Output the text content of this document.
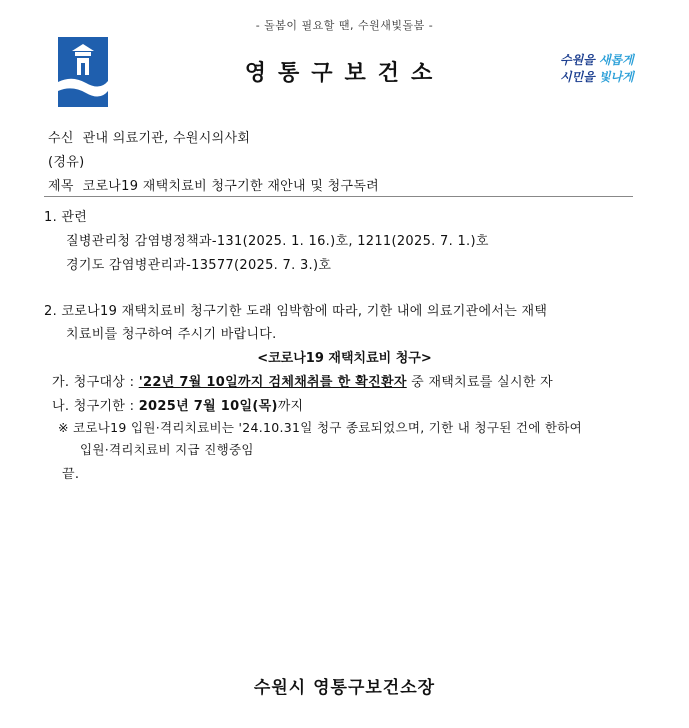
- 돌봄이 필요할 땐, 수원새빛돌봄 -
영통구보건소
수원을 새롭게
시민을 빛나게
수신  관내 의료기관, 수원시의사회
(경유)
제목  코로나19 재택치료비 청구기한 재안내 및 청구독려
1. 관련
질병관리청 감염병정책과-131(2025. 1. 16.)호, 1211(2025. 7. 1.)호
경기도 감염병관리과-13577(2025. 7. 3.)호
2. 코로나19 재택치료비 청구기한 도래 임박함에 따라, 기한 내에 의료기관에서는 재택
치료비를 청구하여 주시기 바랍니다.
<코로나19 재택치료비 청구>
가. 청구대상 : '22년 7월 10일까지 검체채취를 한 확진환자 중 재택치료를 실시한 자
나. 청구기한 : 2025년 7월 10일(목)까지
※ 코로나19 입원·격리치료비는 '24.10.31일 청구 종료되었으며, 기한 내 청구된 건에 한하여
입원·격리치료비 지급 진행중임
끝.
수원시 영통구보건소장
